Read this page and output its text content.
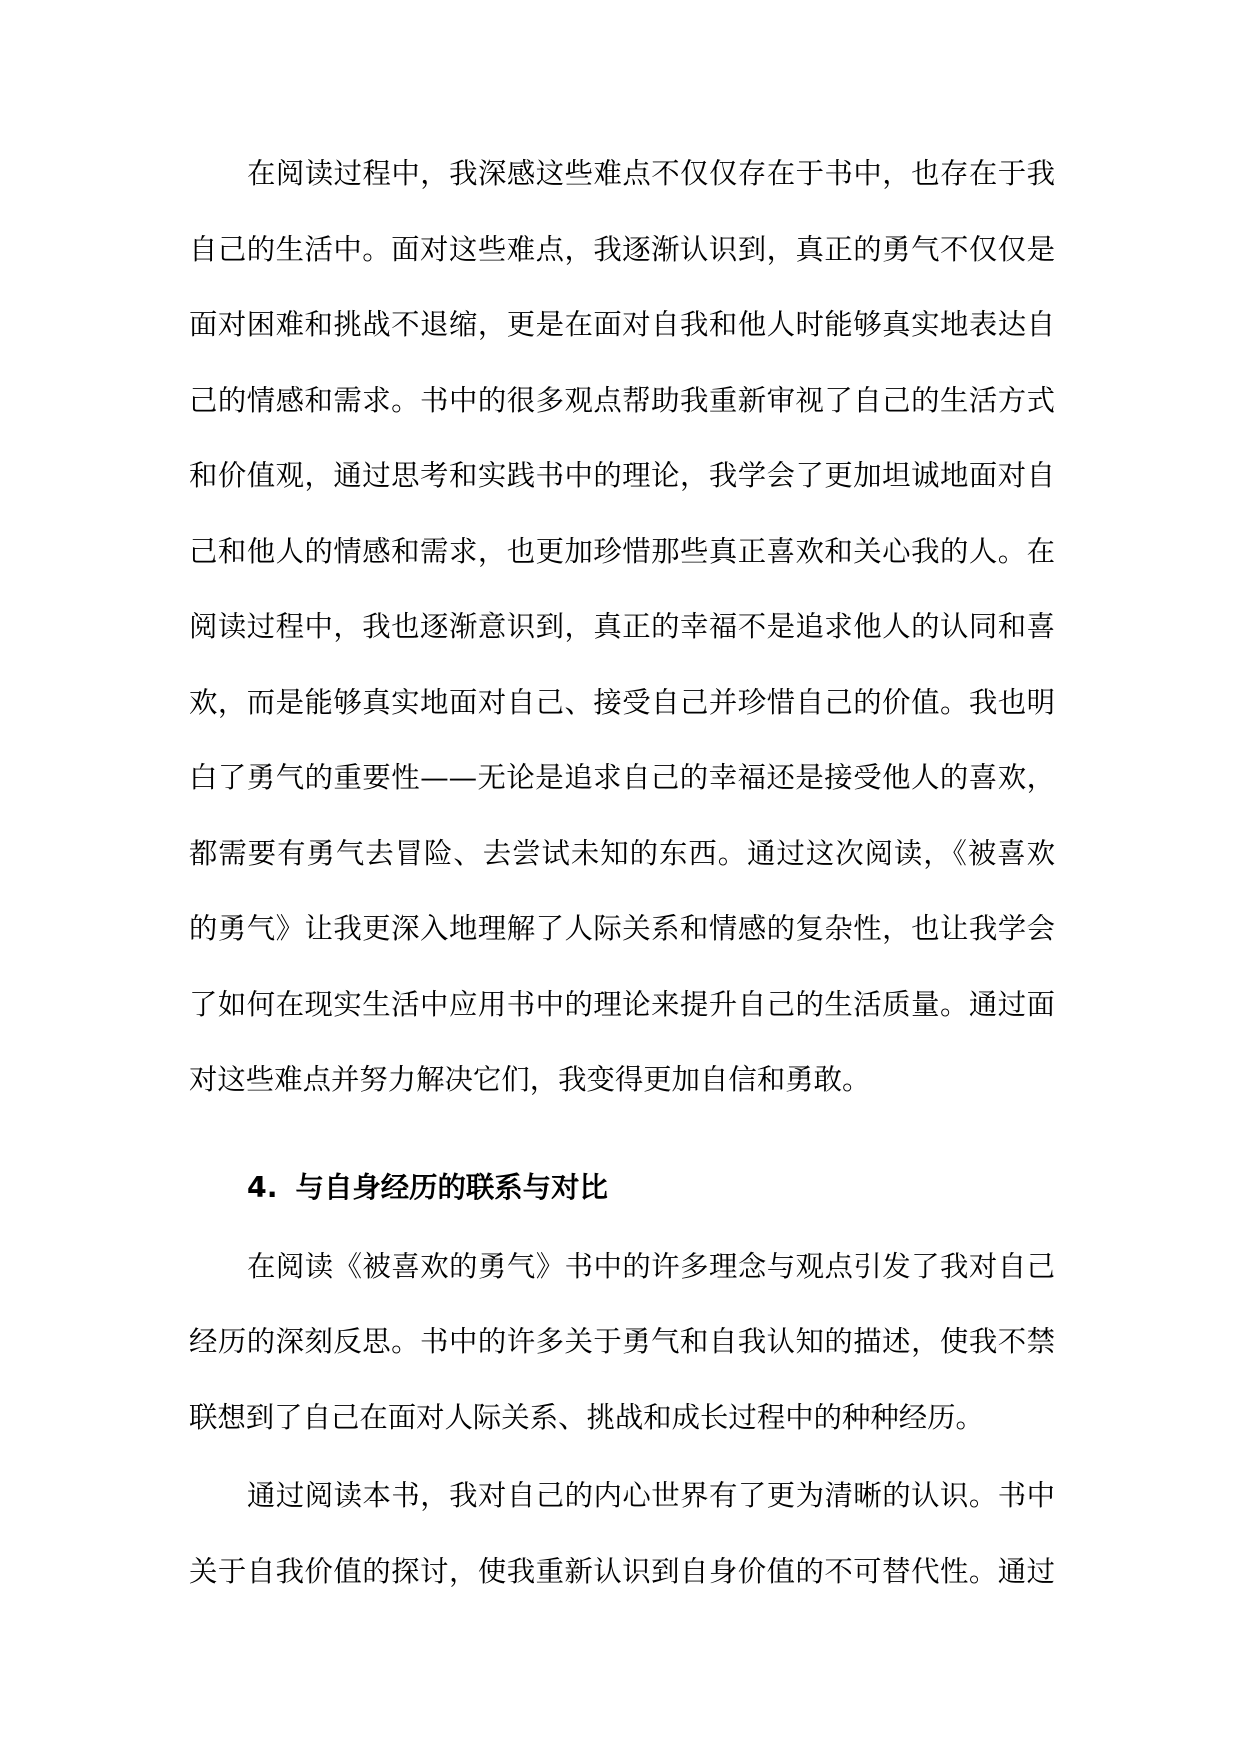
在阅读过程中，我深感这些难点不仅仅存在于书中，也存在于我
自己的生活中。面对这些难点，我逐渐认识到，真正的勇气不仅仅是
面对困难和挑战不退缩，更是在面对自我和他人时能够真实地表达自
己的情感和需求。书中的很多观点帮助我重新审视了自己的生活方式
和价值观，通过思考和实践书中的理论，我学会了更加坦诚地面对自
己和他人的情感和需求，也更加珍惜那些真正喜欢和关心我的人。在
阅读过程中，我也逐渐意识到，真正的幸福不是追求他人的认同和喜
欢，而是能够真实地面对自己、接受自己并珍惜自己的价值。我也明
白了勇气的重要性——无论是追求自己的幸福还是接受他人的喜欢，
都需要有勇气去冒险、去尝试未知的东西。通过这次阅读，《被喜欢
的勇气》让我更深入地理解了人际关系和情感的复杂性，也让我学会
了如何在现实生活中应用书中的理论来提升自己的生活质量。通过面
对这些难点并努力解决它们，我变得更加自信和勇敢。
4. 与自身经历的联系与对比
在阅读《被喜欢的勇气》书中的许多理念与观点引发了我对自己
经历的深刻反思。书中的许多关于勇气和自我认知的描述，使我不禁
联想到了自己在面对人际关系、挑战和成长过程中的种种经历。
通过阅读本书，我对自己的内心世界有了更为清晰的认识。书中
关于自我价值的探讨，使我重新认识到自身价值的不可替代性。通过
